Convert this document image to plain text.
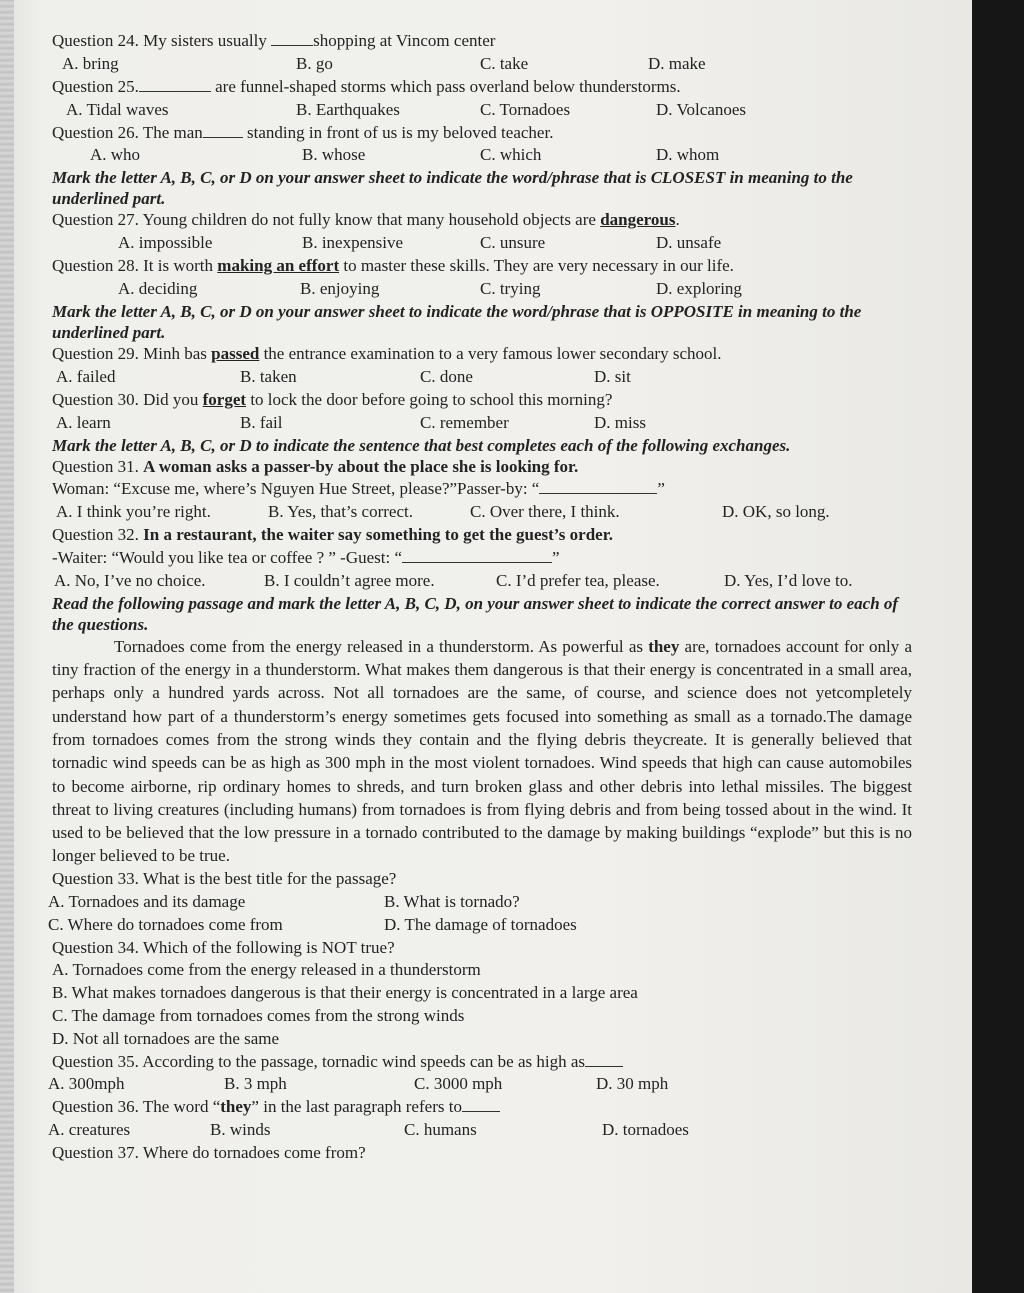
Question 24. My sisters usually	shopping at Vincom center

A. bring	B. go	C. take	D. make

Question 25.	are funnel-shaped storms which pass overland below thunderstorms.

A. Tidal waves	B. Earthquakes	C. Tornadoes	D. Volcanoes

Question 26. The man	standing in front of us is my beloved teacher.

A. who	B. whose	C. which	D. whom

Mark the letter A, B, C, or D on your answer sheet to indicate the word/phrase that is CLOSEST in meaning to the underlined part.

Question 27. Young children do not fully know that many household objects are dangerous.

A. impossible	B. inexpensive	C. unsure	D. unsafe

Question 28. It is worth making an effort to master these skills. They are very necessary in our life.

A. deciding	B. enjoying	C. trying	D. exploring

Mark the letter A, B, C, or D on your answer sheet to indicate the word/phrase that is OPPOSITE in meaning to the underlined part.

Question 29. Minh bas passed the entrance examination to a very famous lower secondary school.

A. failed	B. taken	C. done	D. sit

Question 30. Did you forget to lock the door before going to school this morning?

A. learn	B. fail	C. remember	D. miss

Mark the letter A, B, C, or D to indicate the sentence that best completes each of the following exchanges.

Question 31. A woman asks a passer-by about the place she is looking for.

Woman: “Excuse me, where’s Nguyen Hue Street, please?”Passer-by: “	”

A. I think you’re right.	B. Yes, that’s correct.	C. Over there, I think.	D. OK, so long.

Question 32. In a restaurant, the waiter say something to get the guest’s order.

-Waiter: “Would you like tea or coffee ? ” -Guest: “	”

A. No, I’ve no choice.	B. I couldn’t agree more.	C. I’d prefer tea, please.	D. Yes, I’d love to.

Read the following passage and mark the letter A, B, C, D, on your answer sheet to indicate the correct answer to each of the questions.

Tornadoes come from the energy released in a thunderstorm. As powerful as they are, tornadoes account for only a tiny fraction of the energy in a thunderstorm. What makes them dangerous is that their energy is concentrated in a small area, perhaps only a hundred yards across. Not all tornadoes are the same, of course, and science does not yetcompletely understand how part of a thunderstorm’s energy sometimes gets focused into something as small as a tornado.The damage from tornadoes comes from the strong winds they contain and the flying debris theycreate. It is generally believed that tornadic wind speeds can be as high as 300 mph in the most violent tornadoes. Wind speeds that high can cause automobiles to become airborne, rip ordinary homes to shreds, and turn broken glass and other debris into lethal missiles. The biggest threat to living creatures (including humans) from tornadoes is from flying debris and from being tossed about in the wind. It used to be believed that the low pressure in a tornado contributed to the damage by making buildings “explode” but this is no longer believed to be true.

Question 33. What is the best title for the passage?

A. Tornadoes and its damage	B. What is tornado?
C. Where do tornadoes come from	D. The damage of tornadoes

Question 34. Which of the following is NOT true?

A. Tornadoes come from the energy released in a thunderstorm

B. What makes tornadoes dangerous is that their energy is concentrated in a large area

C. The damage from tornadoes comes from the strong winds

D. Not all tornadoes are the same

Question 35. According to the passage, tornadic wind speeds can be as high as

A. 300mph	B. 3 mph	C. 3000 mph	D. 30 mph

Question 36. The word “they” in the last paragraph refers to

A. creatures	B. winds	C. humans	D. tornadoes

Question 37. Where do tornadoes come from?
